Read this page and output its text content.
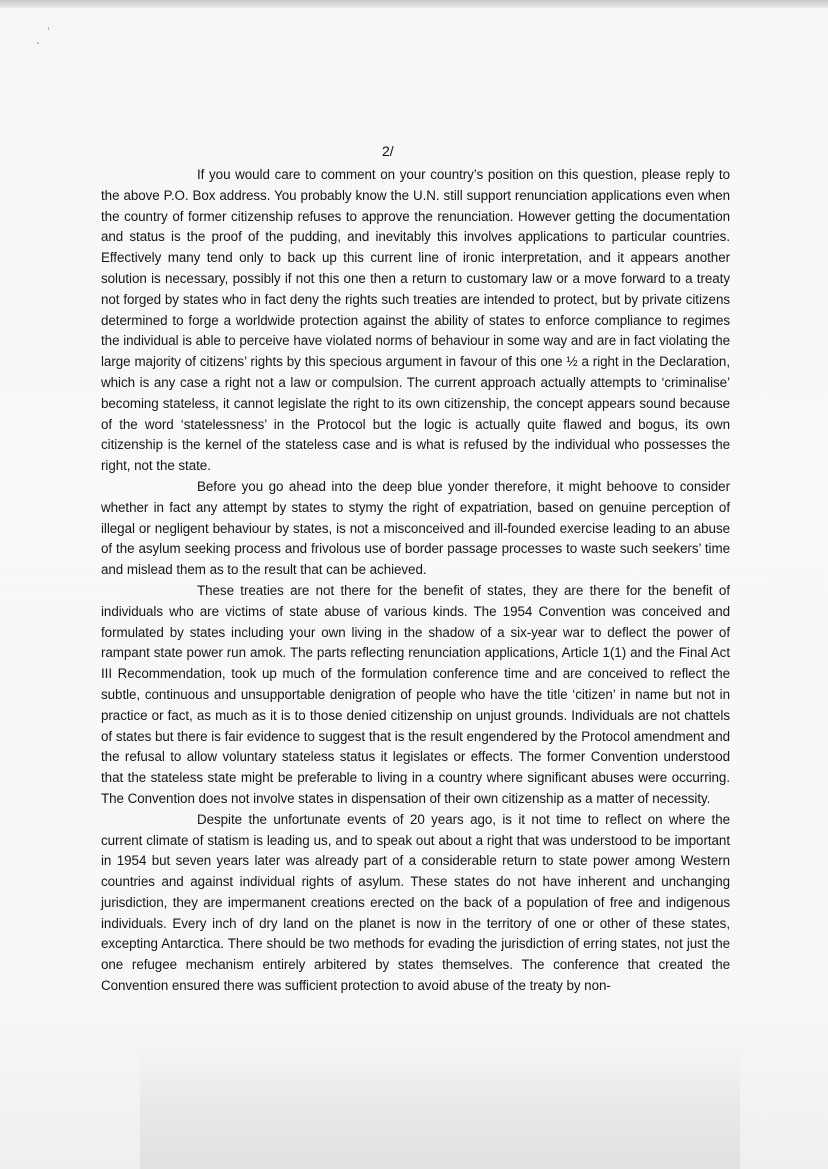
2/

If you would care to comment on your country’s position on this question, please reply to the above P.O. Box address. You probably know the U.N. still support renunciation applications even when the country of former citizenship refuses to approve the renunciation. However getting the documentation and status is the proof of the pudding, and inevitably this involves applications to particular countries. Effectively many tend only to back up this current line of ironic interpretation, and it appears another solution is necessary, possibly if not this one then a return to customary law or a move forward to a treaty not forged by states who in fact deny the rights such treaties are intended to protect, but by private citizens determined to forge a worldwide protection against the ability of states to enforce compliance to regimes the individual is able to perceive have violated norms of behaviour in some way and are in fact violating the large majority of citizens’ rights by this specious argument in favour of this one ½ a right in the Declaration, which is any case a right not a law or compulsion. The current approach actually attempts to ‘criminalise’ becoming stateless, it cannot legislate the right to its own citizenship, the concept appears sound because of the word ‘statelessness’ in the Protocol but the logic is actually quite flawed and bogus, its own citizenship is the kernel of the stateless case and is what is refused by the individual who possesses the right, not the state.

Before you go ahead into the deep blue yonder therefore, it might behoove to consider whether in fact any attempt by states to stymy the right of expatriation, based on genuine perception of illegal or negligent behaviour by states, is not a misconceived and ill-founded exercise leading to an abuse of the asylum seeking process and frivolous use of border passage processes to waste such seekers’ time and mislead them as to the result that can be achieved.

These treaties are not there for the benefit of states, they are there for the benefit of individuals who are victims of state abuse of various kinds. The 1954 Convention was conceived and formulated by states including your own living in the shadow of a six-year war to deflect the power of rampant state power run amok. The parts reflecting renunciation applications, Article 1(1) and the Final Act III Recommendation, took up much of the formulation conference time and are conceived to reflect the subtle, continuous and unsupportable denigration of people who have the title ‘citizen’ in name but not in practice or fact, as much as it is to those denied citizenship on unjust grounds. Individuals are not chattels of states but there is fair evidence to suggest that is the result engendered by the Protocol amendment and the refusal to allow voluntary stateless status it legislates or effects. The former Convention understood that the stateless state might be preferable to living in a country where significant abuses were occurring. The Convention does not involve states in dispensation of their own citizenship as a matter of necessity.

Despite the unfortunate events of 20 years ago, is it not time to reflect on where the current climate of statism is leading us, and to speak out about a right that was understood to be important in 1954 but seven years later was already part of a considerable return to state power among Western countries and against individual rights of asylum. These states do not have inherent and unchanging jurisdiction, they are impermanent creations erected on the back of a population of free and indigenous individuals. Every inch of dry land on the planet is now in the territory of one or other of these states, excepting Antarctica. There should be two methods for evading the jurisdiction of erring states, not just the one refugee mechanism entirely arbitered by states themselves. The conference that created the Convention ensured there was sufficient protection to avoid abuse of the treaty by non-
